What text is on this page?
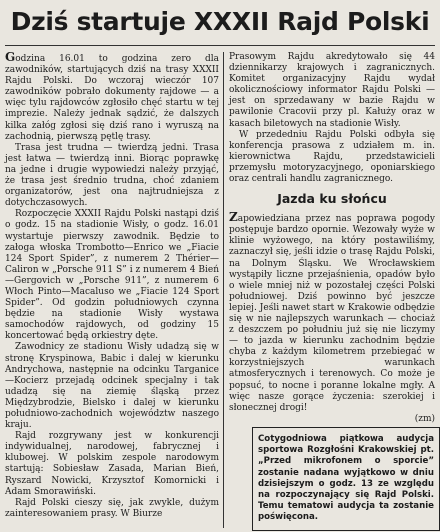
Dziś startuje XXXII Rajd Polski

Godzina 16.01 to godzina zero dla zawodników, startujących dziś na trasy XXXII Rajdu Polski. Do wczoraj wieczór 107 zawodników pobrało dokumenty rajdowe — a więc tylu rajdowców zgłosiło chęć startu w tej imprezie. Należy jednak sądzić, że dalszych kilka załóg zgłosi się dziś rano i wyruszą na zachodnią, pierwszą pętlę trasy.

Trasa jest trudna — twierdzą jedni. Trasa jest łatwa — twierdzą inni. Biorąc poprawkę na jedne i drugie wypowiedzi należy przyjąć, że trasa jest średnio trudna, choć zdaniem organizatorów, jest ona najtrudniejsza z dotychczasowych.

Rozpoczęcie XXXII Rajdu Polski nastąpi dziś o godz. 15 na stadionie Wisły, o godz. 16.01 wystartuje pierwszy zawodnik. Będzie to załoga włoska Trombotto—Enrico we „Fiacie 124 Sport Spider”, z numerem 2 Thérier—Caliron w „Porsche 911 S” i z numerem 4 Bień—Gergovich w „Porsche 911”, z numerem 6 Włoch Pinto—Macaluso we „Fiacie 124 Sport Spider”. Od godzin południowych czynna będzie na stadionie Wisły wystawa samochodów rajdowych, od godziny 15 koncertować będą orkiestry dęte.

Zawodnicy ze stadionu Wisły udadzą się w stronę Kryspinowa, Babic i dalej w kierunku Andrychowa, następnie na odcinku Targanice—Kocierz przejadą odcinek specjalny i tak udadzą się na ziemię śląską przez Międzybrodzie, Bielsko i dalej w kierunku południowo-zachodnich województw naszego kraju.

Rajd rozgrywany jest w konkurencji indywidualnej, narodowej, fabrycznej i klubowej. W polskim zespole narodowym startują: Sobiesław Zasada, Marian Bień, Ryszard Nowicki, Krzysztof Komornicki i Adam Smorawiński.

Rajd Polski cieszy się, jak zwykle, dużym zainteresowaniem prasy. W Biurze

Prasowym Rajdu akredytowało się 44 dziennikarzy krajowych i zagranicznych. Komitet organizacyjny Rajdu wydał okolicznościowy informator Rajdu Polski — jest on sprzedawany w bazie Rajdu w pawilonie Cracovii przy pl. Kałuży oraz w kasach biletowych na stadionie Wisły.

W przededniu Rajdu Polski odbyła się konferencja prasowa z udziałem m. in. kierownictwa Rajdu, przedstawicieli przemysłu motoryzacyjnego, oponiarskiego oraz centrali handlu zagranicznego.

Jazda ku słońcu

Zapowiedziana przez nas poprawa pogody postępuje bardzo opornie. Wezowały wyże w klinie wyżowego, na który postawiliśmy, zaznaczył się, jeśli idzie o trasę Rajdu Polski, na Dolnym Śląsku. We Wrocławskiem wystąpiły liczne przejaśnienia, opadów było o wiele mniej niż w pozostałej części Polski południowej. Dziś powinno być jeszcze lepiej. Jeśli nawet start w Krakowie odbędzie się w nie najlepszych warunkach — chociaż z deszczem po południu już się nie liczymy — to jazda w kierunku zachodnim będzie chyba z każdym kilometrem przebiegać w korzystniejszych warunkach atmosferycznych i terenowych. Co może je popsuć, to nocne i poranne lokalne mgły. A więc nasze gorące życzenia: szerokiej i słonecznej drogi!

(zm)
Cotygodniowa piątkowa audycja sportowa Rozgłośni Krakowskiej pt. „Przed mikrofonem o sporcie” zostanie nadana wyjątkowo w dniu dzisiejszym o godz. 13 ze względu na rozpoczynający się Rajd Polski. Temu tematowi audycja ta zostanie poświęcona.
